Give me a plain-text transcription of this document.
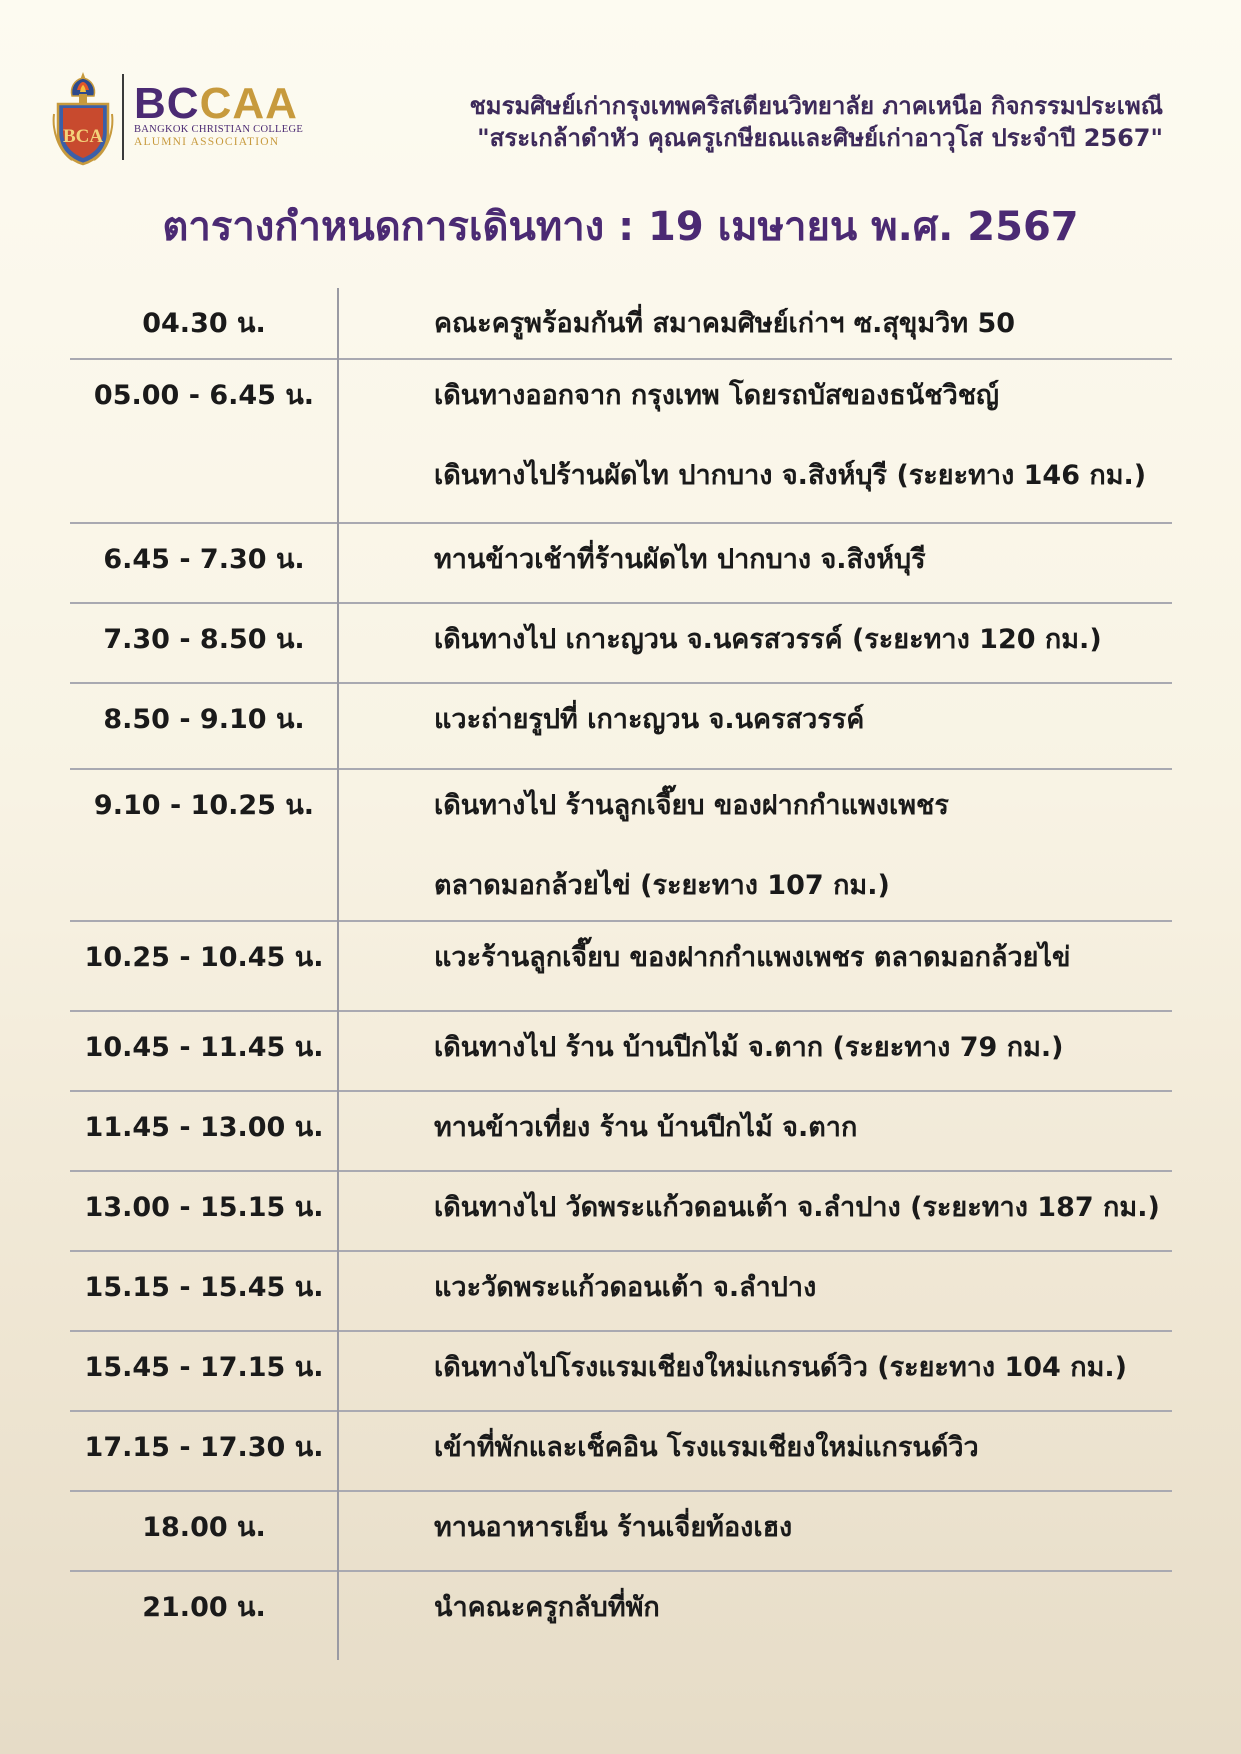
BCA
BCCAA
BANGKOK CHRISTIAN COLLEGE
ALUMNI ASSOCIATION
ชมรมศิษย์เก่ากรุงเทพคริสเตียนวิทยาลัย ภาคเหนือ กิจกรรมประเพณี
"สระเกล้าดำหัว คุณครูเกษียณและศิษย์เก่าอาวุโส ประจำปี 2567"
ตารางกำหนดการเดินทาง : 19 เมษายน พ.ศ. 2567
04.30 น.	คณะครูพร้อมกันที่ สมาคมศิษย์เก่าฯ ซ.สุขุมวิท 50
05.00 - 6.45 น.	เดินทางออกจาก กรุงเทพ โดยรถบัสของธนัชวิชญ์
เดินทางไปร้านผัดไท ปากบาง จ.สิงห์บุรี (ระยะทาง 146 กม.)
6.45 - 7.30 น.	ทานข้าวเช้าที่ร้านผัดไท ปากบาง จ.สิงห์บุรี
7.30 - 8.50 น.	เดินทางไป เกาะญวน จ.นครสวรรค์ (ระยะทาง 120 กม.)
8.50 - 9.10 น.	แวะถ่ายรูปที่ เกาะญวน จ.นครสวรรค์
9.10 - 10.25 น.	เดินทางไป ร้านลูกเจี๊ยบ ของฝากกำแพงเพชร
ตลาดมอกล้วยไข่ (ระยะทาง 107 กม.)
10.25 - 10.45 น.	แวะร้านลูกเจี๊ยบ ของฝากกำแพงเพชร ตลาดมอกล้วยไข่
10.45 - 11.45 น.	เดินทางไป ร้าน บ้านปีกไม้ จ.ตาก (ระยะทาง 79 กม.)
11.45 - 13.00 น.	ทานข้าวเที่ยง ร้าน บ้านปีกไม้ จ.ตาก
13.00 - 15.15 น.	เดินทางไป วัดพระแก้วดอนเต้า จ.ลำปาง (ระยะทาง 187 กม.)
15.15 - 15.45 น.	แวะวัดพระแก้วดอนเต้า จ.ลำปาง
15.45 - 17.15 น.	เดินทางไปโรงแรมเชียงใหม่แกรนด์วิว (ระยะทาง 104 กม.)
17.15 - 17.30 น.	เข้าที่พักและเช็คอิน โรงแรมเชียงใหม่แกรนด์วิว
18.00 น.	ทานอาหารเย็น ร้านเจี่ยท้องเฮง
21.00 น.	นำคณะครูกลับที่พัก
